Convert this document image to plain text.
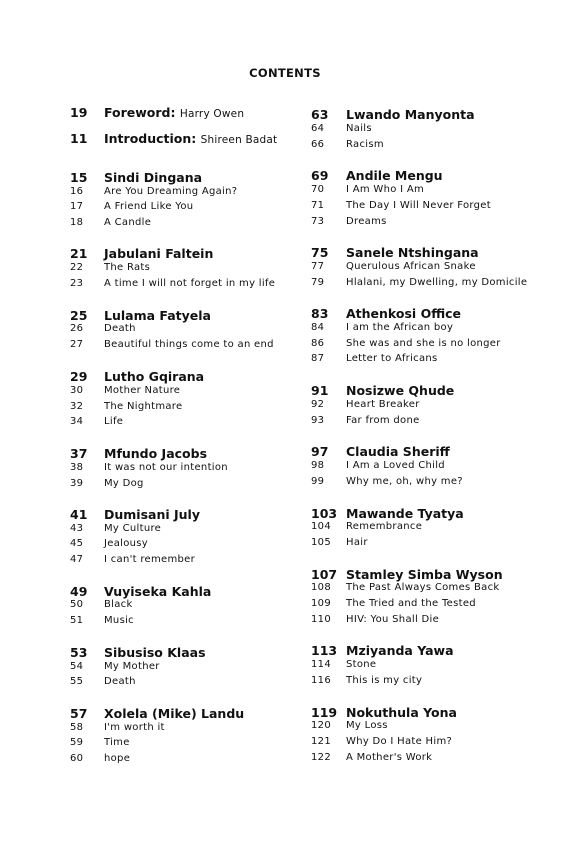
CONTENTS
19 Foreword: Harry Owen
11 Introduction: Shireen Badat
15 Sindi Dingana
16 Are You Dreaming Again?
17 A Friend Like You
18 A Candle
21 Jabulani Faltein
22 The Rats
23 A time I will not forget in my life
25 Lulama Fatyela
26 Death
27 Beautiful things come to an end
29 Lutho Gqirana
30 Mother Nature
32 The Nightmare
34 Life
37 Mfundo Jacobs
38 It was not our intention
39 My Dog
41 Dumisani July
43 My Culture
45 Jealousy
47 I can't remember
49 Vuyiseka Kahla
50 Black
51 Music
53 Sibusiso Klaas
54 My Mother
55 Death
57 Xolela (Mike) Landu
58 I'm worth it
59 Time
60 hope
63 Lwando Manyonta
64 Nails
66 Racism
69 Andile Mengu
70 I Am Who I Am
71 The Day I Will Never Forget
73 Dreams
75 Sanele Ntshingana
77 Querulous African Snake
79 Hlalani, my Dwelling, my Domicile
83 Athenkosi Office
84 I am the African boy
86 She was and she is no longer
87 Letter to Africans
91 Nosizwe Qhude
92 Heart Breaker
93 Far from done
97 Claudia Sheriff
98 I Am a Loved Child
99 Why me, oh, why me?
103 Mawande Tyatya
104 Remembrance
105 Hair
107 Stamley Simba Wyson
108 The Past Always Comes Back
109 The Tried and the Tested
110 HIV: You Shall Die
113 Mziyanda Yawa
114 Stone
116 This is my city
119 Nokuthula Yona
120 My Loss
121 Why Do I Hate Him?
122 A Mother's Work
